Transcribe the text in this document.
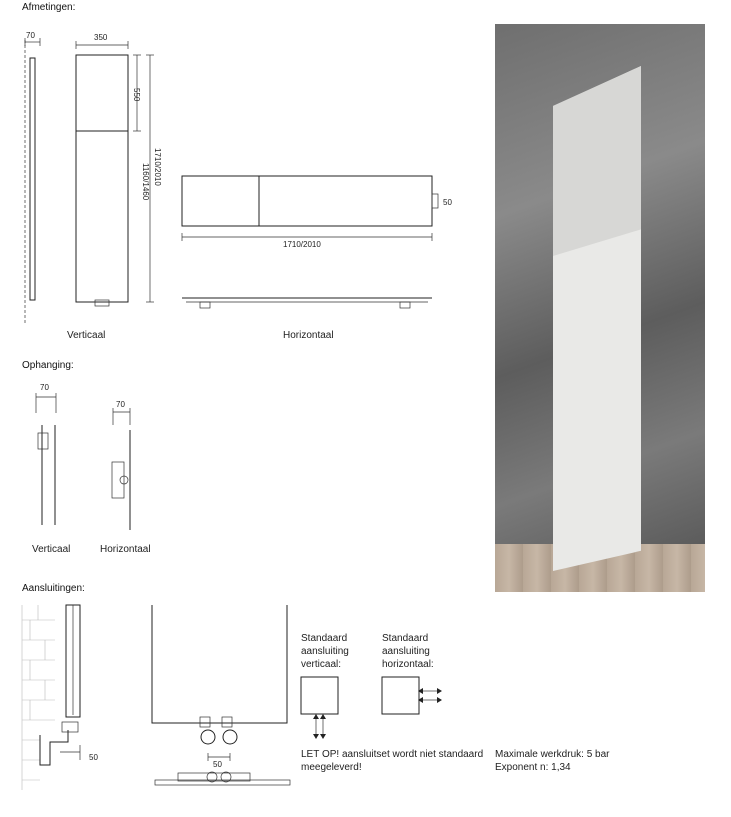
Afmetingen:
Ophanging:
Aansluitingen:
70	350
550
1710/2010
1160/1460
50
1710/2010
Verticaal	Horizontaal
70
70
Verticaal	Horizontaal
50
50
Standaard
aansluiting
verticaal:
Standaard
aansluiting
horizontaal:
LET OP! aansluitset wordt niet standaard
meegeleverd!
Maximale werkdruk: 5 bar
Exponent n: 1,34
